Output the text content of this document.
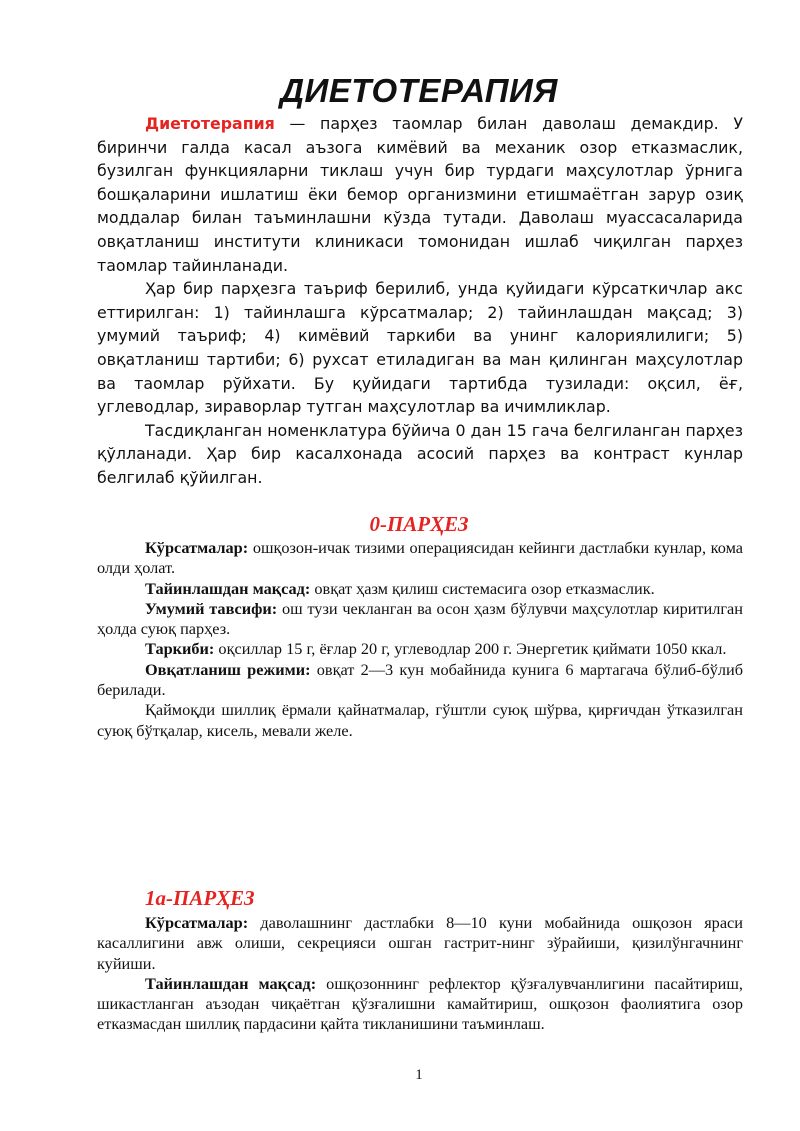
ДИЕТОТЕРАПИЯ

Диетотерапия — парҳез таомлар билан даволаш демакдир. У биринчи галда касал аъзога кимёвий ва механик озор етказмаслик, бузилган функцияларни тиклаш учун бир турдаги маҳсулотлар ўрнига бошқаларини ишлатиш ёки бемор организмини етишмаётган зарур озиқ моддалар билан таъминлашни кўзда тутади. Даволаш муассасаларида овқатланиш институти клиникаси томонидан ишлаб чиқилган парҳез таомлар тайинланади.

Ҳар бир парҳезга таъриф берилиб, унда қуйидаги кўрсаткичлар акс еттирилган: 1) тайинлашга кўрсатмалар; 2) тайинлашдан мақсад; 3) умумий таъриф; 4) кимёвий таркиби ва унинг калориялилиги; 5) овқатланиш тартиби; 6) рухсат етиладиган ва ман қилинган маҳсулотлар ва таомлар рўйхати. Бу қуйидаги тартибда тузилади: оқсил, ёғ, углеводлар, зираворлар тутган маҳсулотлар ва ичимликлар.

Тасдиқланган номенклатура бўйича 0 дан 15 гача белгиланган парҳез қўлланади. Ҳар бир касалхонада асосий парҳез ва контраст кунлар белгилаб қўйилган.

0-ПАРҲЕЗ

Кўрсатмалар: ошқозон-ичак тизими операциясидан кейинги дастлабки кунлар, кома олди ҳолат.

Тайинлашдан мақсад: овқат ҳазм қилиш системасига озор етказмаслик.

Умумий тавсифи: ош тузи чекланган ва осон ҳазм бўлувчи маҳсулотлар киритилган ҳолда суюқ парҳез.

Таркиби: оқсиллар 15 г, ёғлар 20 г, углеводлар 200 г. Энергетик қиймати 1050 ккал.

Овқатланиш режими: овқат 2—3 кун мобайнида кунига 6 мартагача бўлиб-бўлиб берилади.

Қаймоқди шиллиқ ёрмали қайнатмалар, гўштли суюқ шўрва, қирғичдан ўтказилган суюқ бўтқалар, кисель, мевали желе.

1а-ПАРҲЕЗ

Кўрсатмалар: даволашнинг дастлабки 8—10 куни мобайнида ошқозон яраси касаллигини авж олиши, секрецияси ошган гастрит-нинг зўрайиши, қизилўнгачнинг куйиши.

Тайинлашдан мақсад: ошқозоннинг рефлектор қўзғалувчанлигини пасайтириш, шикастланган аъзодан чиқаётган қўзғалишни камайтириш, ошқозон фаолиятига озор етказмасдан шиллиқ пардасини қайта тикланишини таъминлаш.

1
